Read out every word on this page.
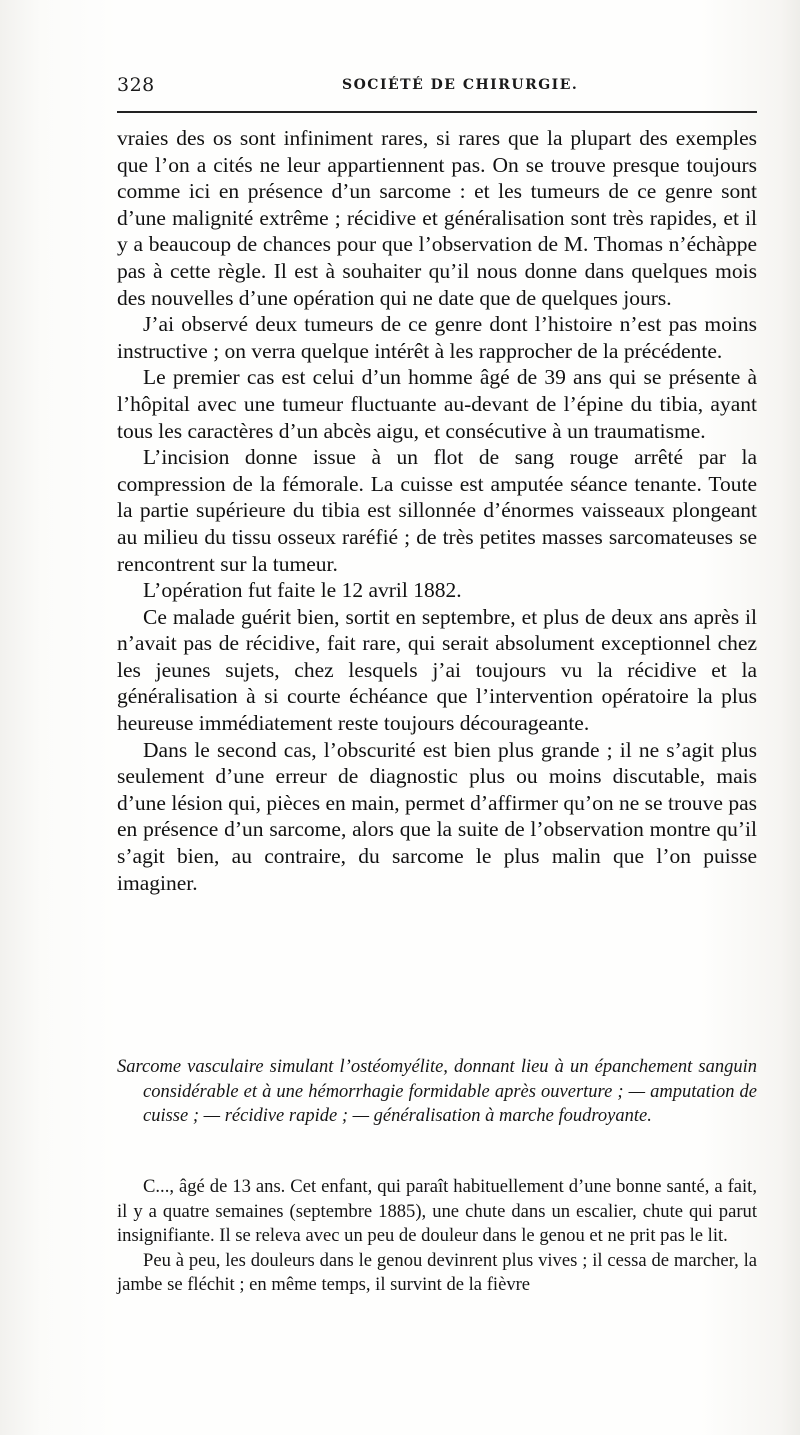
328	SOCIÉTÉ DE CHIRURGIE.

vraies des os sont infiniment rares, si rares que la plupart des exemples que l’on a cités ne leur appartiennent pas. On se trouve presque toujours comme ici en présence d’un sarcome : et les tumeurs de ce genre sont d’une malignité extrême ; récidive et généralisation sont très rapides, et il y a beaucoup de chances pour que l’observation de M. Thomas n’échàppe pas à cette règle. Il est à souhaiter qu’il nous donne dans quelques mois des nouvelles d’une opération qui ne date que de quelques jours.

J’ai observé deux tumeurs de ce genre dont l’histoire n’est pas moins instructive ; on verra quelque intérêt à les rapprocher de la précédente.

Le premier cas est celui d’un homme âgé de 39 ans qui se présente à l’hôpital avec une tumeur fluctuante au-devant de l’épine du tibia, ayant tous les caractères d’un abcès aigu, et consécutive à un traumatisme.

L’incision donne issue à un flot de sang rouge arrêté par la compression de la fémorale. La cuisse est amputée séance tenante. Toute la partie supérieure du tibia est sillonnée d’énormes vaisseaux plongeant au milieu du tissu osseux raréfié ; de très petites masses sarcomateuses se rencontrent sur la tumeur.

L’opération fut faite le 12 avril 1882.

Ce malade guérit bien, sortit en septembre, et plus de deux ans après il n’avait pas de récidive, fait rare, qui serait absolument exceptionnel chez les jeunes sujets, chez lesquels j’ai toujours vu la récidive et la généralisation à si courte échéance que l’intervention opératoire la plus heureuse immédiatement reste toujours décourageante.

Dans le second cas, l’obscurité est bien plus grande ; il ne s’agit plus seulement d’une erreur de diagnostic plus ou moins discutable, mais d’une lésion qui, pièces en main, permet d’affirmer qu’on ne se trouve pas en présence d’un sarcome, alors que la suite de l’observation montre qu’il s’agit bien, au contraire, du sarcome le plus malin que l’on puisse imaginer.

Sarcome vasculaire simulant l’ostéomyélite, donnant lieu à un épanchement sanguin considérable et à une hémorrhagie formidable après ouverture ; — amputation de cuisse ; — récidive rapide ; — généralisation à marche foudroyante.

C..., âgé de 13 ans. Cet enfant, qui paraît habituellement d’une bonne santé, a fait, il y a quatre semaines (septembre 1885), une chute dans un escalier, chute qui parut insignifiante. Il se releva avec un peu de douleur dans le genou et ne prit pas le lit.

Peu à peu, les douleurs dans le genou devinrent plus vives ; il cessa de marcher, la jambe se fléchit ; en même temps, il survint de la fièvre
